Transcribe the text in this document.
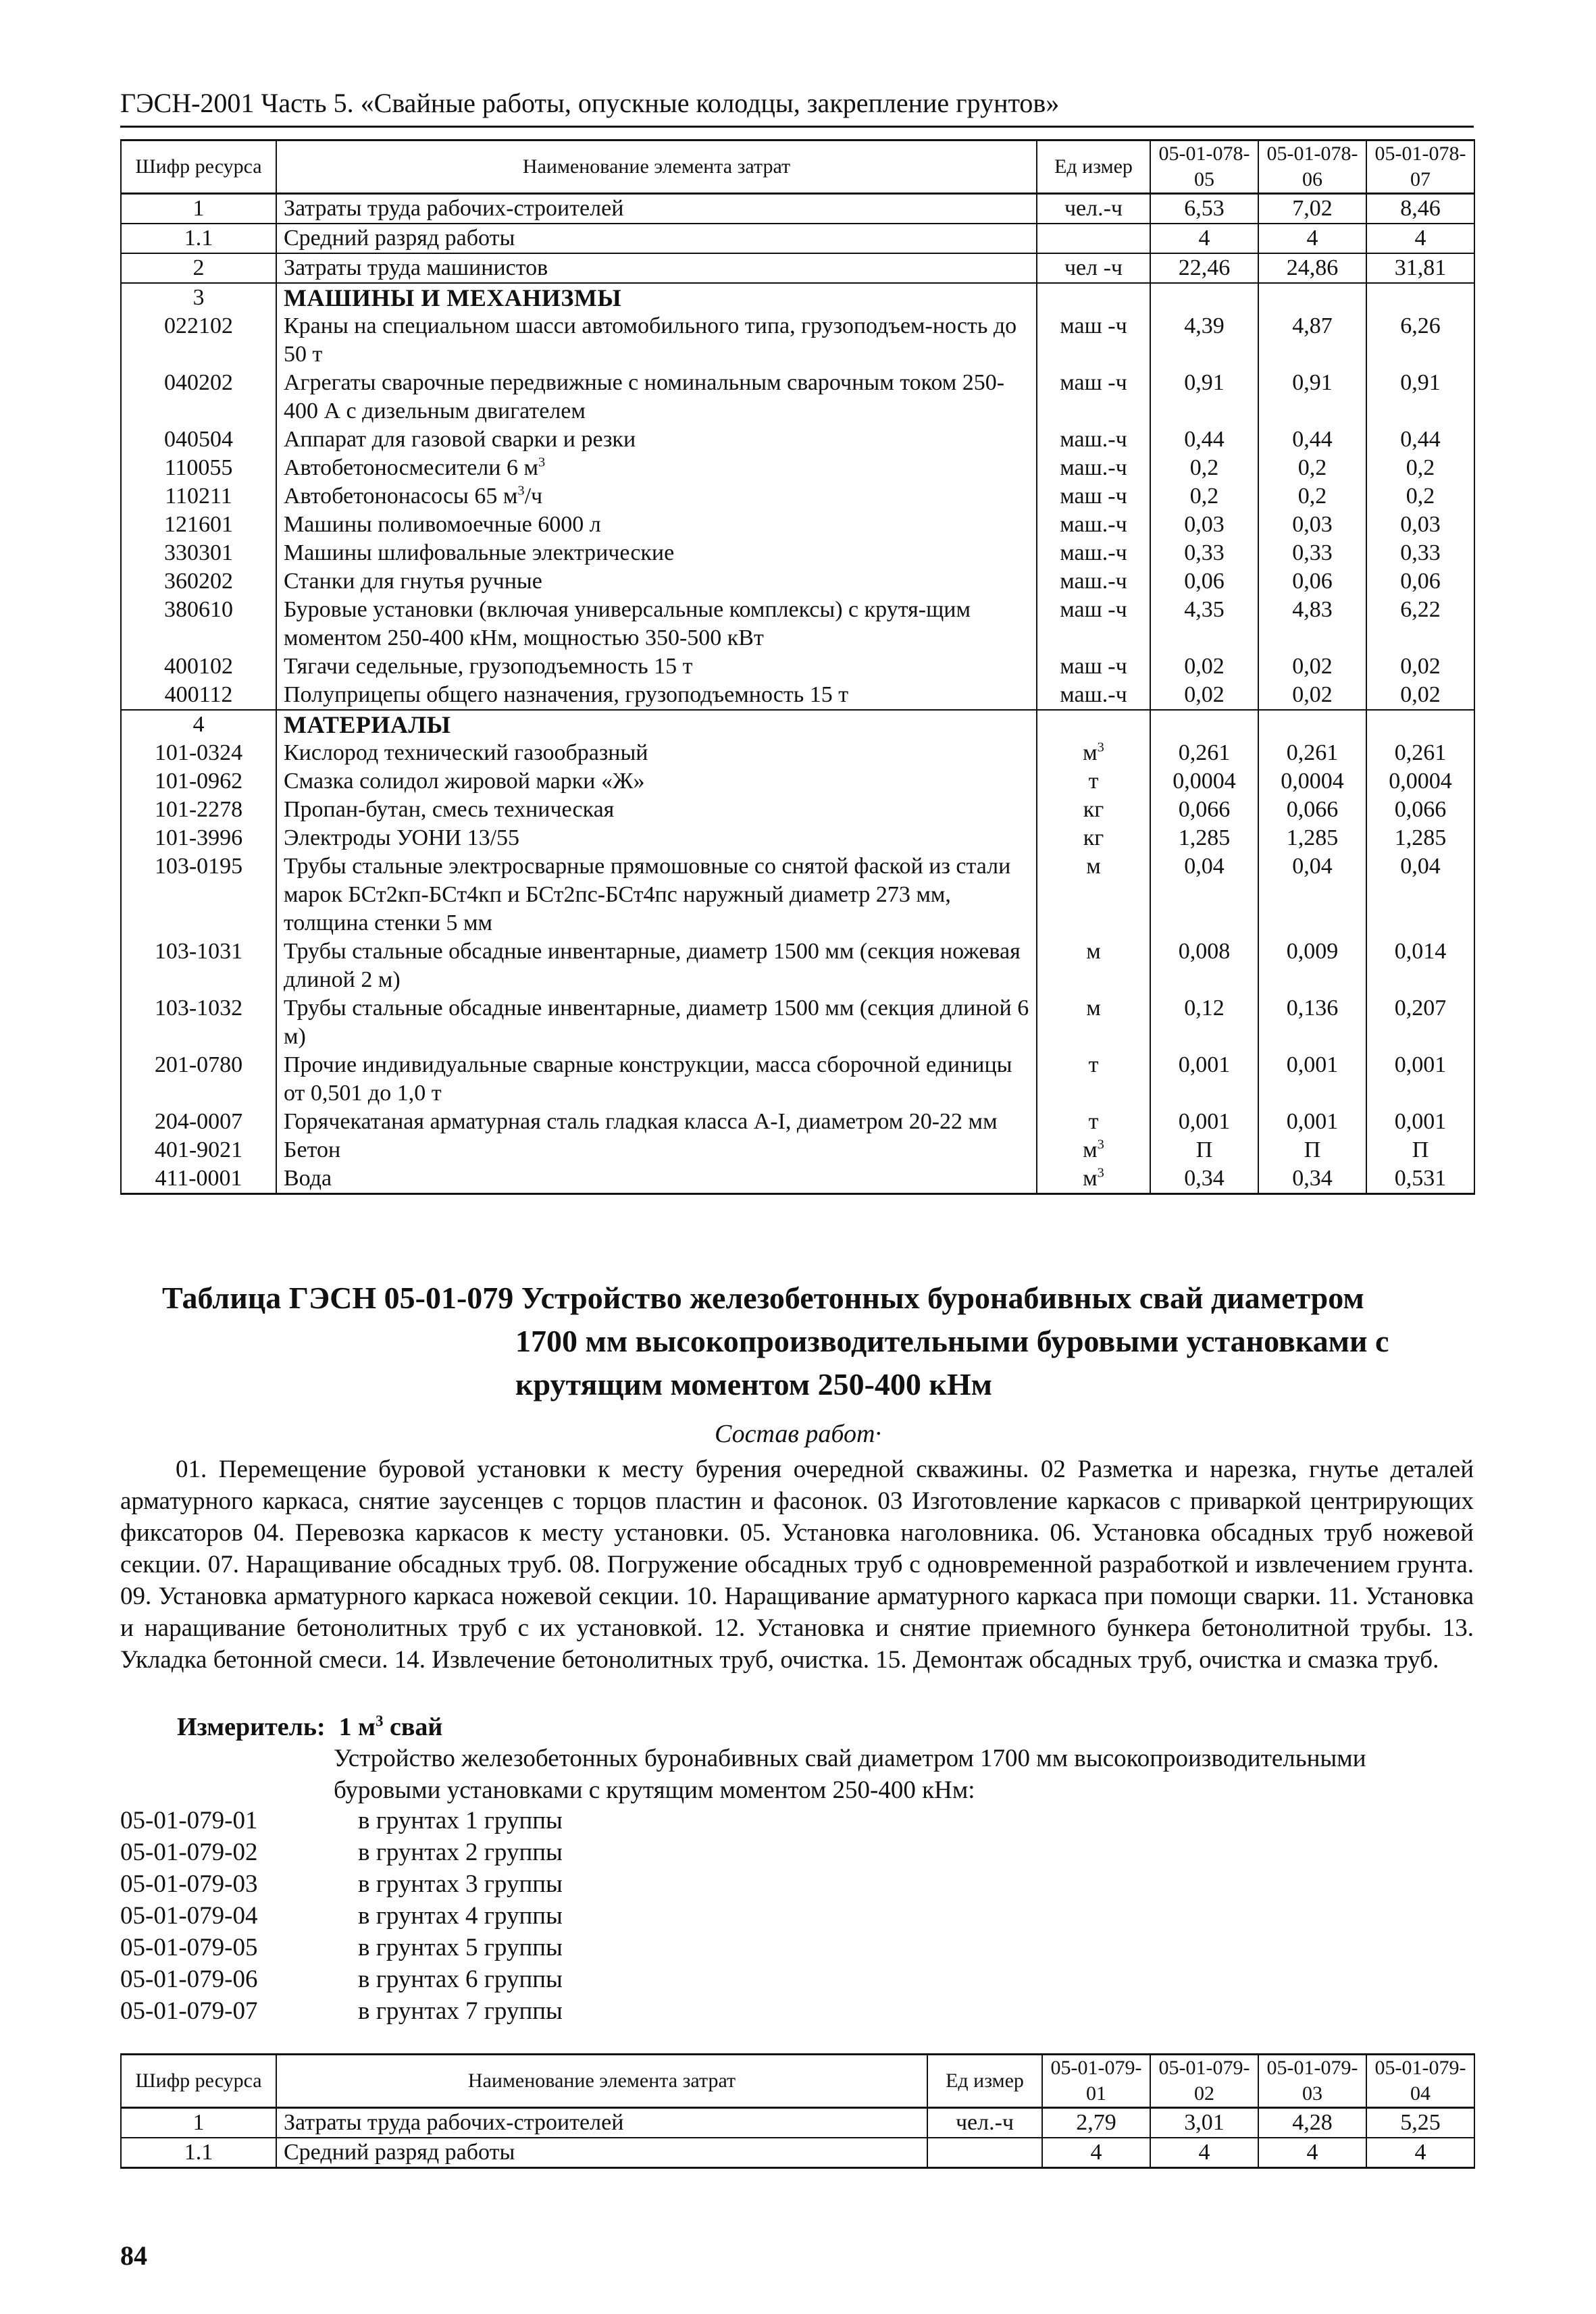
ГЭСН-2001 Часть 5. «Свайные работы, опускные колодцы, закрепление грунтов»
Шифр ресурса	Наименование элемента затрат	Ед измер	05-01-078-05	05-01-078-06	05-01-078-07
1	Затраты труда рабочих-строителей	чел.-ч	6,53	7,02	8,46
1.1	Средний разряд работы		4	4	4
2	Затраты труда машинистов	чел -ч	22,46	24,86	31,81
3	МАШИНЫ И МЕХАНИЗМЫ				
022102	Краны на специальном шасси автомобильного типа, грузоподъем-ность до 50 т	маш -ч	4,39	4,87	6,26
040202	Агрегаты сварочные передвижные с номинальным сварочным током 250-400 А с дизельным двигателем	маш -ч	0,91	0,91	0,91
040504	Аппарат для газовой сварки и резки	маш.-ч	0,44	0,44	0,44
110055	Автобетоносмесители 6 $м^3$	маш.-ч	0,2	0,2	0,2
110211	Автобетононасосы 65 $м^3/ч$	маш -ч	0,2	0,2	0,2
121601	Машины поливомоечные 6000 л	маш.-ч	0,03	0,03	0,03
330301	Машины шлифовальные электрические	маш.-ч	0,33	0,33	0,33
360202	Станки для гнутья ручные	маш.-ч	0,06	0,06	0,06
380610	Буровые установки (включая универсальные комплексы) с крутя-щим моментом 250-400 кНм, мощностью 350-500 кВт	маш -ч	4,35	4,83	6,22
400102	Тягачи седельные, грузоподъемность 15 т	маш -ч	0,02	0,02	0,02
400112	Полуприцепы общего назначения, грузоподъемность 15 т	маш.-ч	0,02	0,02	0,02
4	МАТЕРИАЛЫ				
101-0324	Кислород технический газообразный	$м^3$	0,261	0,261	0,261
101-0962	Смазка солидол жировой марки «Ж»	т	0,0004	0,0004	0,0004
101-2278	Пропан-бутан, смесь техническая	кг	0,066	0,066	0,066
101-3996	Электроды УОНИ 13/55	кг	1,285	1,285	1,285
103-0195	Трубы стальные электросварные прямошовные со снятой фаской из стали марок БСт2кп-БСт4кп и БСт2пс-БСт4пс наружный диаметр 273 мм, толщина стенки 5 мм	м	0,04	0,04	0,04
103-1031	Трубы стальные обсадные инвентарные, диаметр 1500 мм (секция ножевая длиной 2 м)	м	0,008	0,009	0,014
103-1032	Трубы стальные обсадные инвентарные, диаметр 1500 мм (секция длиной 6 м)	м	0,12	0,136	0,207
201-0780	Прочие индивидуальные сварные конструкции, масса сборочной единицы от 0,501 до 1,0 т	т	0,001	0,001	0,001
204-0007	Горячекатаная арматурная сталь гладкая класса А-I, диаметром 20-22 мм	т	0,001	0,001	0,001
401-9021	Бетон	$м^3$	П	П	П
411-0001	Вода	$м^3$	0,34	0,34	0,531
Таблица ГЭСН 05-01-079 Устройство железобетонных буронабивных свай диаметром
1700 мм высокопроизводительными буровыми установками с
крутящим моментом 250-400 кНм
Состав работ·
01. Перемещение буровой установки к месту бурения очередной скважины. 02 Разметка и нарезка, гнутье деталей арматурного каркаса, снятие заусенцев с торцов пластин и фасонок. 03 Изготовление каркасов с приваркой центрирующих фиксаторов 04. Перевозка каркасов к месту установки. 05. Установка наголовника. 06. Установка обсадных труб ножевой секции. 07. Наращивание обсадных труб. 08. Погружение обсадных труб с одновременной разработкой и извлечением грунта. 09. Установка арматурного каркаса ножевой секции. 10. Наращивание арматурного каркаса при помощи сварки. 11. Установка и наращивание бетонолитных труб с их установкой. 12. Установка и снятие приемного бункера бетонолитной трубы. 13. Укладка бетонной смеси. 14. Извлечение бетонолитных труб, очистка. 15. Демонтаж обсадных труб, очистка и смазка труб.
Измеритель: 1 $м^3$ свай
Устройство железобетонных буронабивных свай диаметром 1700 мм высокопроизводительными буровыми установками с крутящим моментом 250-400 кНм:
05-01-079-01	в грунтах 1 группы
05-01-079-02	в грунтах 2 группы
05-01-079-03	в грунтах 3 группы
05-01-079-04	в грунтах 4 группы
05-01-079-05	в грунтах 5 группы
05-01-079-06	в грунтах 6 группы
05-01-079-07	в грунтах 7 группы
Шифр ресурса	Наименование элемента затрат	Ед измер	05-01-079-01	05-01-079-02	05-01-079-03	05-01-079-04
1	Затраты труда рабочих-строителей	чел.-ч	2,79	3,01	4,28	5,25
1.1	Средний разряд работы		4	4	4	4
84
